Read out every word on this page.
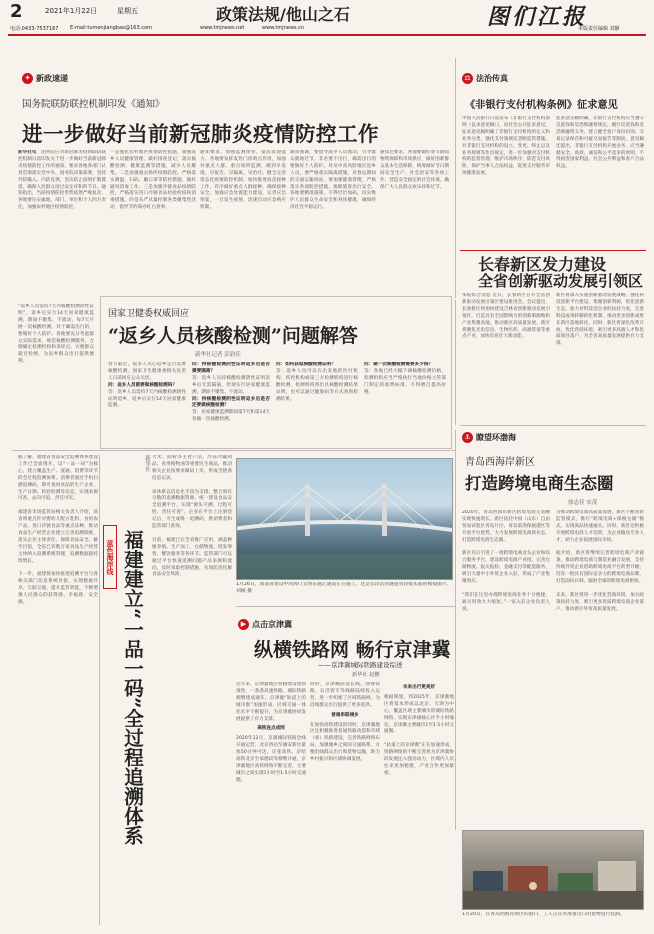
2	2021年1月22日	星期五	政策法规/他山之石	图们江报
电话:0433-7537167 E-mail:tumenjiangbao@163.com	www.tmjnews.net	www.tmjnews.cn	本版责任编辑 刘静
✦ 新政速递
国务院联防联控机制印发《通知》
进一步做好当前新冠肺炎疫情防控工作
新华社电　国务院应对新冠肺炎疫情联防联控机制日前印发关于进一步做好当前新冠肺炎疫情防控工作的通知，要求各地各部门认真贯彻落实党中央、国务院决策部署，坚持外防输入、内防反弹，坚决防止疫情扩散蔓延，确保人民群众度过安定祥和的节日。通知指出，当前疫情防控形势依然严峻复杂，各地要压实属地、部门、单位和个人四方责任，加强农村地区疫情防控。
一是强化农村地区疫情防控措施，加强返乡人员健康管理，做好排查登记，落实核酸检测、健康监测等措施，减少人员聚集。二是加强重点场所疫情防控，严格落实测温、扫码、戴口罩等防控措施，做好通风消毒工作。三是加强冷链食品疫情防控，严格落实进口冷链食品检验检疫和消毒措施。四是从严从紧控制各类聚集性活动，倡导节约简办红白喜事。
通知要求，加强监测预警，提高发现能力。各地要发挥发热门诊哨点作用，加强对重点人群、重点场所监测，做到早发现、早报告、早隔离、早治疗。健全完善常态化疫情防控机制，加快推进疫苗接种工作，有序做好重点人群接种，确保接种安全。加强应急处置能力建设，完善应急预案，一旦发生疫情，迅速启动应急响应机制。
通知强调，要倡导减少人员流动，引导群众就地过节，非必要不出行，确需出行的要做好个人防护。对从中高风险地区返乡人员，要严格落实隔离措施。对春运期间的交通运输场站，要加强健康管理，严格落实各项防控措施，保障旅客出行安全。各地要精准施策，不得层层加码，切实维护人民群众生命安全和身体健康，确保经济社会平稳运行。
通知还要求，各地要做好春节期间物资保障和市场供应，做好困难群众基本生活保障，统筹做好节日期间安全生产、社会治安等各项工作，营造安全稳定的社会环境，确保广大人民群众欢乐祥和过节。
⚖ 法治传真
《非银行支付机构条例》征求意见
中国人民银行日前发布《非银行支付机构条例（征求意见稿）》，向社会公开征求意见。征求意见稿明确了非银行支付机构的定义和业务分类，强化支付领域反垄断监管措施，对非银行支付机构的设立、变更、终止以及业务规则等作出规定，进一步加强对支付机构的监督管理，维护市场秩序，防范支付风险，保护当事人合法权益，促进支付服务市场健康发展。
征求意见稿明确，非银行支付机构应当遵守反洗钱和反恐怖融资规定，履行反洗钱和反恐怖融资义务，建立健全客户身份识别、交易记录保存和可疑交易报告等制度。意见稿还提出，非银行支付机构开展业务，应当遵循安全、高效、诚信和公平竞争的原则，不得损害国家利益、社会公共利益和客户合法权益。
长春新区发力建设
全省创新驱动发展引领区
本报综合消息 近日，长春新区召开全省创新驱动发展引领区建设推进会。会议提出，长春新区将加快建设吉林省创新驱动发展引领区，打造具有全国影响力的创新策源地和产业集聚高地，推动新区高质量发展。新区将聚焦光电信息、生物医药、高端装备等重点产业，加快培育壮大新动能。
新区将深入实施创新驱动发展战略，强化科技创新平台建设，集聚创新资源，优化创新生态，加大对科技型企业的扶持力度，完善科技成果转移转化机制，推动更多创新成果在新区落地转化。同时，新区将深化改革开放，优化营商环境，吸引更多高端人才和优质项目落户，为全省高质量发展提供有力支撑。
国家卫健委权威回应
“返乡人员核酸检测”问题解答
新华社记者 彭韵佳
春节临近，很多人关心返乡是否需要核酸检测。国家卫生健康委相关负责人日前回应公众关切。
问：返乡人员都要做核酸检测吗？
答：返乡人员需持7天内核酸检测阴性证明返乡，返乡后实行14天居家健康监测。
问：持核酸检测阴性证明返乡后是否需要隔离？
答：返乡人员持核酸检测阴性证明返乡后无需隔离，但须实行居家健康监测，期间不聚集、不流动。
问：持核酸检测阴性证明返乡后是否还要做核酸检测？
答：居家健康监测期间第7天和第14天各做一次核酸检测。
问：如何获取核酸检测证明？
答：返乡人员可以在出发地的医疗机构、疾控机构或第三方检测机构进行核酸检测，检测机构将出具核酸检测结果证明，也可以通过健康码等方式查询检测结果。
问：做一次核酸检测需要多少钱？
答：各地已经大幅下调核酸检测价格，检测机构应当严格执行当地价格主管部门制定的收费标准，不得擅自提高价格。
“返乡人员需持7天内核酸检测阴性证明”，返乡后实行14天居家健康监测，期间不聚集、不流动，每7天开展一次核酸检测。对于确需出行的，要做好个人防护。各地要充分考虑群众实际需求，规范核酸检测服务，合理确定检测机构和采样点，方便群众就近检测，为返乡群众出行提供便利。
据了解，福建省食品安全追溯体系建设工作已全面推开，以“一品一码”为核心，建立覆盖生产、流通、消费等环节的全过程追溯体系。消费者通过手机扫描追溯码，即可查询食品的生产企业、生产日期、检验检测等信息，实现来源可查、去向可追、责任可究。

福建省市场监管局相关负责人介绍，该省将重点针对婴幼儿配方乳粉、食用农产品、进口冷链食品等重点品种，推动食品生产经营企业建立完善追溯制度，落实企业主体责任，保障食品安全。截至目前，全省已有数万家食品生产经营主体纳入追溯系统管理，追溯数据量持续增长。

下一步，福建将加快推进追溯平台与各相关部门信息系统对接，实现数据共享、互联互通，提升监管效能，不断增强人民群众的获得感、幸福感、安全感。
蓝色海岸线 福建建立“一品一码”全过程追溯体系
新华社 大米、面粉等主食产品，冷冻冷藏肉品，食用植物油等重要民生商品，推动相关企业按要求赋码上市，形成全链条信息记录。

该体系以信息化手段为支撑，整合原有分散的追溯数据资源，统一建设食品安全追溯平台，实现“源头可溯、过程可控、责任可查”。企业在平台上注册登记后，可生成唯一追溯码，供消费者和监管部门查询。

目前，福建已在全省推广应用，涵盖种植养殖、生产加工、仓储物流、批发零售、餐饮服务等各环节。监管部门可以通过平台快速追溯问题产品来源和流向，及时采取控制措施，有效防范化解食品安全风险。
1月26日，海南省建设中的海口文明东越江通道正在施工，这是首段沉管隧道管段接头面的模拟图片。刘刚 摄
⚓ 瞭望环渤海
青岛西海岸新区
打造跨境电商生态圈
徐志佳 宋茂
2020年，青岛西海岸新区跨境电商交易额实现快速增长。新区依托中国（山东）自由贸易试验区青岛片区、青岛前湾保税港区等开放平台优势，大力发展跨境电商新业态，打造跨境电商生态圈。

新区先后引进了一批跨境电商龙头企业和综合服务平台，建设跨境电商产业园，完善仓储物流、报关报检、金融支付等配套服务，吸引大量中小外贸企业入驻，形成了产业集聚效应。

“我们在这里办理跨境电商业务十分便捷，通关时效大大缩短。”一家入驻企业负责人说。
为推动跨境电商高质量发展，新区不断创新监管模式，推行“跨境电商+保税仓储”模式，实现商品快速通关。同时，新区还积极开展跨境电商人才培训，为企业输送专业人才，助力企业拓展国际市场。

据介绍，新区将继续完善跨境电商产业链条，推动跨境电商与制造业融合发展，支持传统外贸企业借助跨境电商平台转型升级，培育一批具有国际竞争力的跨境电商品牌，打造面向日韩、辐射全球的跨境电商枢纽。

未来，新区将进一步优化营商环境，加大政策扶持力度，吸引更多优质跨境电商企业落户，推动新区外贸高质量发展。
▶ 点击京津冀
纵横铁路网 畅行京津冀
——京津冀城际铁路建设综述
新华社 赵鹏
近年来，京津冀地区铁路建设加快推进，一条条高速铁路、城际铁路相继建成通车，京津冀“轨道上的城市群”加速形成，区域交通一体化水平不断提升，为京津冀协同发展提供了有力支撑。

高铁连点成网
2020年12月，京雄城际铁路全线开通运营，北京西站至雄安新区最快50分钟可达。京张高铁、京哈高铁北京至承德段等相继开通，京津冀地区高铁网络不断完善，主要城市之间实现1小时至1.5小时交通圈。
同时，京津城际延长线、津保铁路、石济客专等线路陆续投入运营，进一步织密了区域铁路网，为沿线群众出行提供了更多选择。

普通串联城乡
在加快高铁建设的同时，京津冀地区还积极推进普通铁路改造和市域（郊）铁路建设，完善铁路网络布局，加强城乡之间的交通联系，方便沿线群众出行和货物运输，助力乡村振兴和区域协调发展。
未来出行更美好
根据规划，到2025年，京津冀地区将基本形成以北京、天津为中心，覆盖区域主要城市的城际铁路网络，实现京津雄核心区半小时通达、京津冀主要城市1至1.5小时交通圈。

“轨道上的京津冀”正在加速形成，铁路网络的不断完善将为京津冀协同发展注入强劲动力，区域内人员往来更加便捷，产业合作更加紧密。
1月20日，在青岛西海岸新区的港口，工人正在对准备出口的货物进行装卸。
